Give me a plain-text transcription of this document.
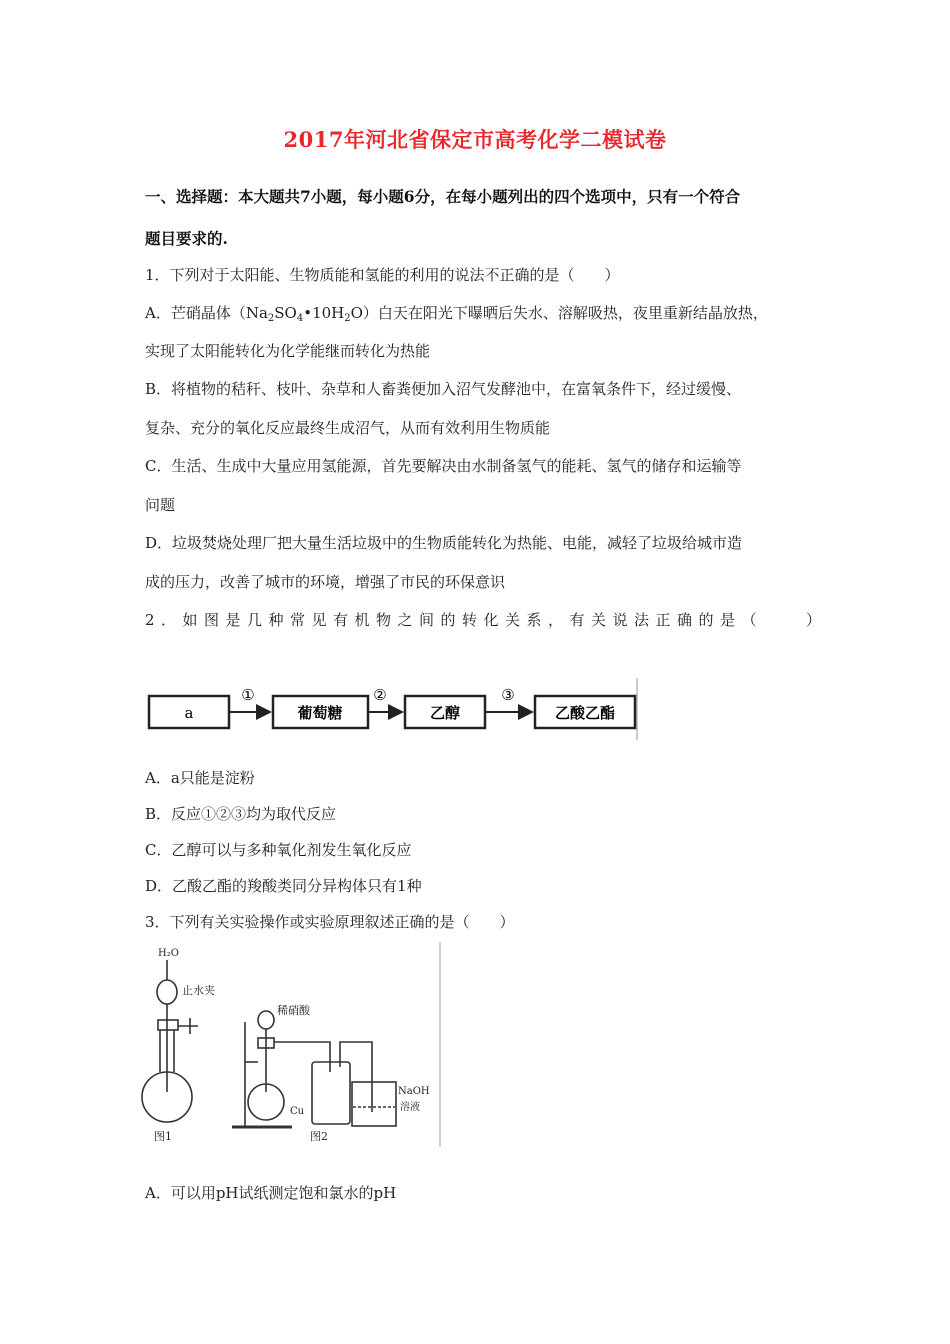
2017年河北省保定市高考化学二模试卷
一、选择题：本大题共7小题，每小题6分，在每小题列出的四个选项中，只有一个符合
题目要求的.
1．下列对于太阳能、生物质能和氢能的利用的说法不正确的是（　　）
A．芒硝晶体$(Na_2SO_4•10H_2O)$白天在阳光下曝晒后失水、溶解吸热，夜里重新结晶放热，
实现了太阳能转化为化学能继而转化为热能
B．将植物的秸秆、枝叶、杂草和人畜粪便加入沼气发酵池中，在富氧条件下，经过缓慢、
复杂、充分的氧化反应最终生成沼气，从而有效利用生物质能
C．生活、生成中大量应用氢能源，首先要解决由水制备氢气的能耗、氢气的储存和运输等
问题
D．垃圾焚烧处理厂把大量生活垃圾中的生物质能转化为热能、电能，减轻了垃圾给城市造
成的压力，改善了城市的环境，增强了市民的环保意识
2．如图是几种常见有机物之间的转化关系，有关说法正确的是（　　）
a
①
葡萄糖
②
乙醇
③
乙酸乙酯
A．a只能是淀粉
B．反应①②③均为取代反应
C．乙醇可以与多种氧化剂发生氧化反应
D．乙酸乙酯的羧酸类同分异构体只有1种
3．下列有关实验操作或实验原理叙述正确的是（　　）
H₂O
止水夹
图1
稀硝酸
Cu
NaOH
溶液
图2
A．可以用pH试纸测定饱和氯水的pH
